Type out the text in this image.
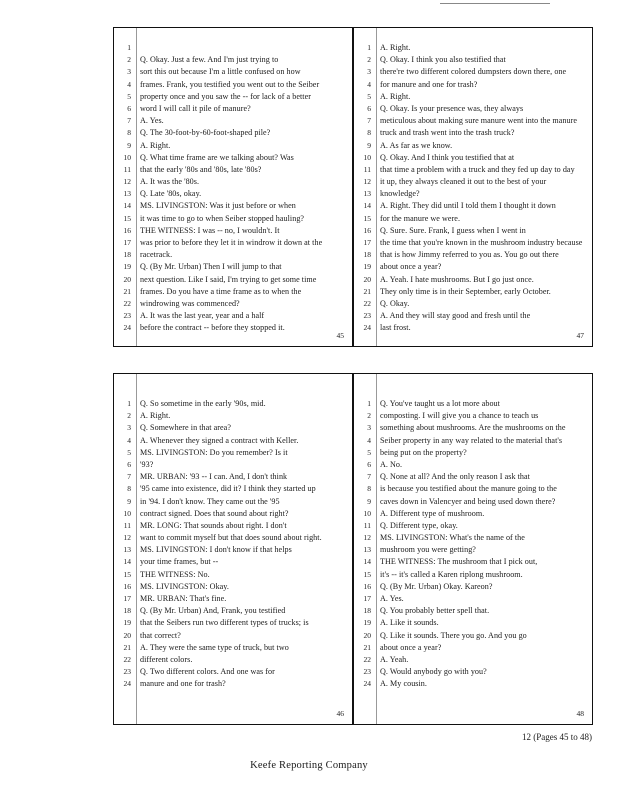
1
2	Q. Okay. Just a few. And I'm just trying to
3	sort this out because I'm a little confused on how
4	frames. Frank, you testified you went out to the Seiber
5	property once and you saw the -- for lack of a better
6	word I will call it pile of manure?
7	A. Yes.
8	Q. The 30-foot-by-60-foot-shaped pile?
9	A. Right.
10	Q. What time frame are we talking about? Was
11	that the early '80s and '80s, late '80s?
12	A. It was the '80s.
13	Q. Late '80s, okay.
14	MS. LIVINGSTON: Was it just before or when
15	it was time to go to when Seiber stopped hauling?
16	THE WITNESS: I was -- no, I wouldn't. It
17	was prior to before they let it in windrow it down at the
18	racetrack.
19	Q. (By Mr. Urban) Then I will jump to that
20	next question. Like I said, I'm trying to get some time
21	frames. Do you have a time frame as to when the
22	windrowing was commenced?
23	A. It was the last year, year and a half
24	before the contract -- before they stopped it.
45
1	A. Right.
2	Q. Okay. I think you also testified that
3	there're two different colored dumpsters down there, one
4	for manure and one for trash?
5	A. Right.
6	Q. Okay. Is your presence was, they always
7	meticulous about making sure manure went into the manure
8	truck and trash went into the trash truck?
9	A. As far as we know.
10	Q. Okay. And I think you testified that at
11	that time a problem with a truck and they fed up day to day
12	it up, they always cleaned it out to the best of your
13	knowledge?
14	A. Right. They did until I told them I thought it down
15	for the manure we were.
16	Q. Sure. Sure. Frank, I guess when I went in
17	the time that you're known in the mushroom industry because
18	that is how Jimmy referred to you as. You go out there
19	about once a year?
20	A. Yeah. I hate mushrooms. But I go just once.
21	They only time is in their September, early October.
22	Q. Okay.
23	A. And they will stay good and fresh until the
24	last frost.
47
1	Q. So sometime in the early '90s, mid.
2	A. Right.
3	Q. Somewhere in that area?
4	A. Whenever they signed a contract with Keller.
5	MS. LIVINGSTON: Do you remember? Is it
6	'93?
7	MR. URBAN: '93 -- I can. And, I don't think
8	'95 came into existence, did it? I think they started up
9	in '94. I don't know. They came out the '95
10	contract signed. Does that sound about right?
11	MR. LONG: That sounds about right. I don't
12	want to commit myself but that does sound about right.
13	MS. LIVINGSTON: I don't know if that helps
14	your time frames, but --
15	THE WITNESS: No.
16	MS. LIVINGSTON: Okay.
17	MR. URBAN: That's fine.
18	Q. (By Mr. Urban) And, Frank, you testified
19	that the Seibers run two different types of trucks; is
20	that correct?
21	A. They were the same type of truck, but two
22	different colors.
23	Q. Two different colors. And one was for
24	manure and one for trash?
46
1	Q. You've taught us a lot more about
2	composting. I will give you a chance to teach us
3	something about mushrooms. Are the mushrooms on the
4	Seiber property in any way related to the material that's
5	being put on the property?
6	A. No.
7	Q. None at all? And the only reason I ask that
8	is because you testified about the manure going to the
9	caves down in Valencyer and being used down there?
10	A. Different type of mushroom.
11	Q. Different type, okay.
12	MS. LIVINGSTON: What's the name of the
13	mushroom you were getting?
14	THE WITNESS: The mushroom that I pick out,
15	it's -- it's called a Karen riplong mushroom.
16	Q. (By Mr. Urban) Okay. Kareon?
17	A. Yes.
18	Q. You probably better spell that.
19	A. Like it sounds.
20	Q. Like it sounds. There you go. And you go
21	about once a year?
22	A. Yeah.
23	Q. Would anybody go with you?
24	A. My cousin.
48
12 (Pages 45 to 48)
Keefe Reporting Company
